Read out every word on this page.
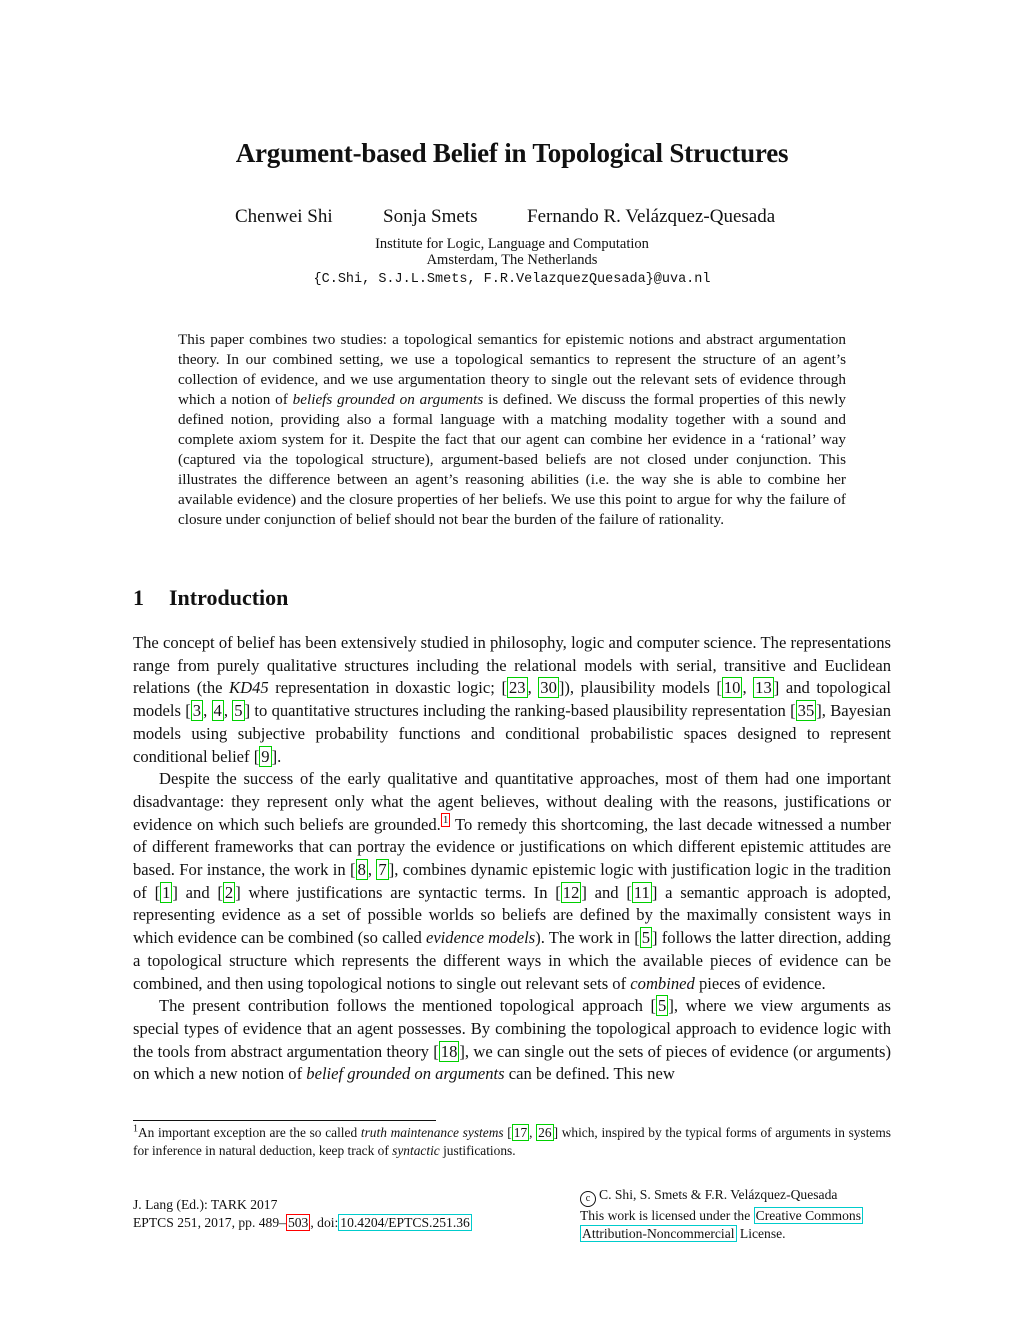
Argument-based Belief in Topological Structures
Chenwei Shi	Sonja Smets	Fernando R. Velázquez-Quesada
Institute for Logic, Language and Computation
Amsterdam, The Netherlands
{C.Shi, S.J.L.Smets, F.R.VelazquezQuesada}@uva.nl
This paper combines two studies: a topological semantics for epistemic notions and abstract argumentation theory. In our combined setting, we use a topological semantics to represent the structure of an agent’s collection of evidence, and we use argumentation theory to single out the relevant sets of evidence through which a notion of beliefs grounded on arguments is defined. We discuss the formal properties of this newly defined notion, providing also a formal language with a matching modality together with a sound and complete axiom system for it. Despite the fact that our agent can combine her evidence in a ‘rational’ way (captured via the topological structure), argument-based beliefs are not closed under conjunction. This illustrates the difference between an agent’s reasoning abilities (i.e. the way she is able to combine her available evidence) and the closure properties of her beliefs. We use this point to argue for why the failure of closure under conjunction of belief should not bear the burden of the failure of rationality.
1 Introduction

The concept of belief has been extensively studied in philosophy, logic and computer science. The representations range from purely qualitative structures including the relational models with serial, transitive and Euclidean relations (the KD45 representation in doxastic logic; [ 23 , 30 ]), plausibility models [ 10 , 13 ] and topological models [ 3 , 4 , 5 ] to quantitative structures including the ranking-based plausibility representation [ 35 ], Bayesian models using subjective probability functions and conditional probabilistic spaces designed to represent conditional belief [ 9 ].

Despite the success of the early qualitative and quantitative approaches, most of them had one important disadvantage: they represent only what the agent believes, without dealing with the reasons, justifications or evidence on which such beliefs are grounded. $^1$ To remedy this shortcoming, the last decade witnessed a number of different frameworks that can portray the evidence or justifications on which different epistemic attitudes are based. For instance, the work in [ 8 , 7 ], combines dynamic epistemic logic with justification logic in the tradition of [ 1 ] and [ 2 ] where justifications are syntactic terms. In [ 12 ] and [ 11 ] a semantic approach is adopted, representing evidence as a set of possible worlds so beliefs are defined by the maximally consistent ways in which evidence can be combined (so called evidence models). The work in [ 5 ] follows the latter direction, adding a topological structure which represents the different ways in which the available pieces of evidence can be combined, and then using topological notions to single out relevant sets of combined pieces of evidence.

The present contribution follows the mentioned topological approach [ 5 ], where we view arguments as special types of evidence that an agent possesses. By combining the topological approach to evidence logic with the tools from abstract argumentation theory [ 18 ], we can single out the sets of pieces of evidence (or arguments) on which a new notion of belief grounded on arguments can be defined. This new

$^1$An important exception are the so called truth maintenance systems [ 17 , 26 ] which, inspired by the typical forms of arguments in systems for inference in natural deduction, keep track of syntactic justifications.
J. Lang (Ed.): TARK 2017
EPTCS 251, 2017, pp. 489– 503 , doi: 10.4204/EPTCS.251.36
c C. Shi, S. Smets & F.R. Velázquez-Quesada
This work is licensed under the Creative Commons
Attribution-Noncommercial License.
